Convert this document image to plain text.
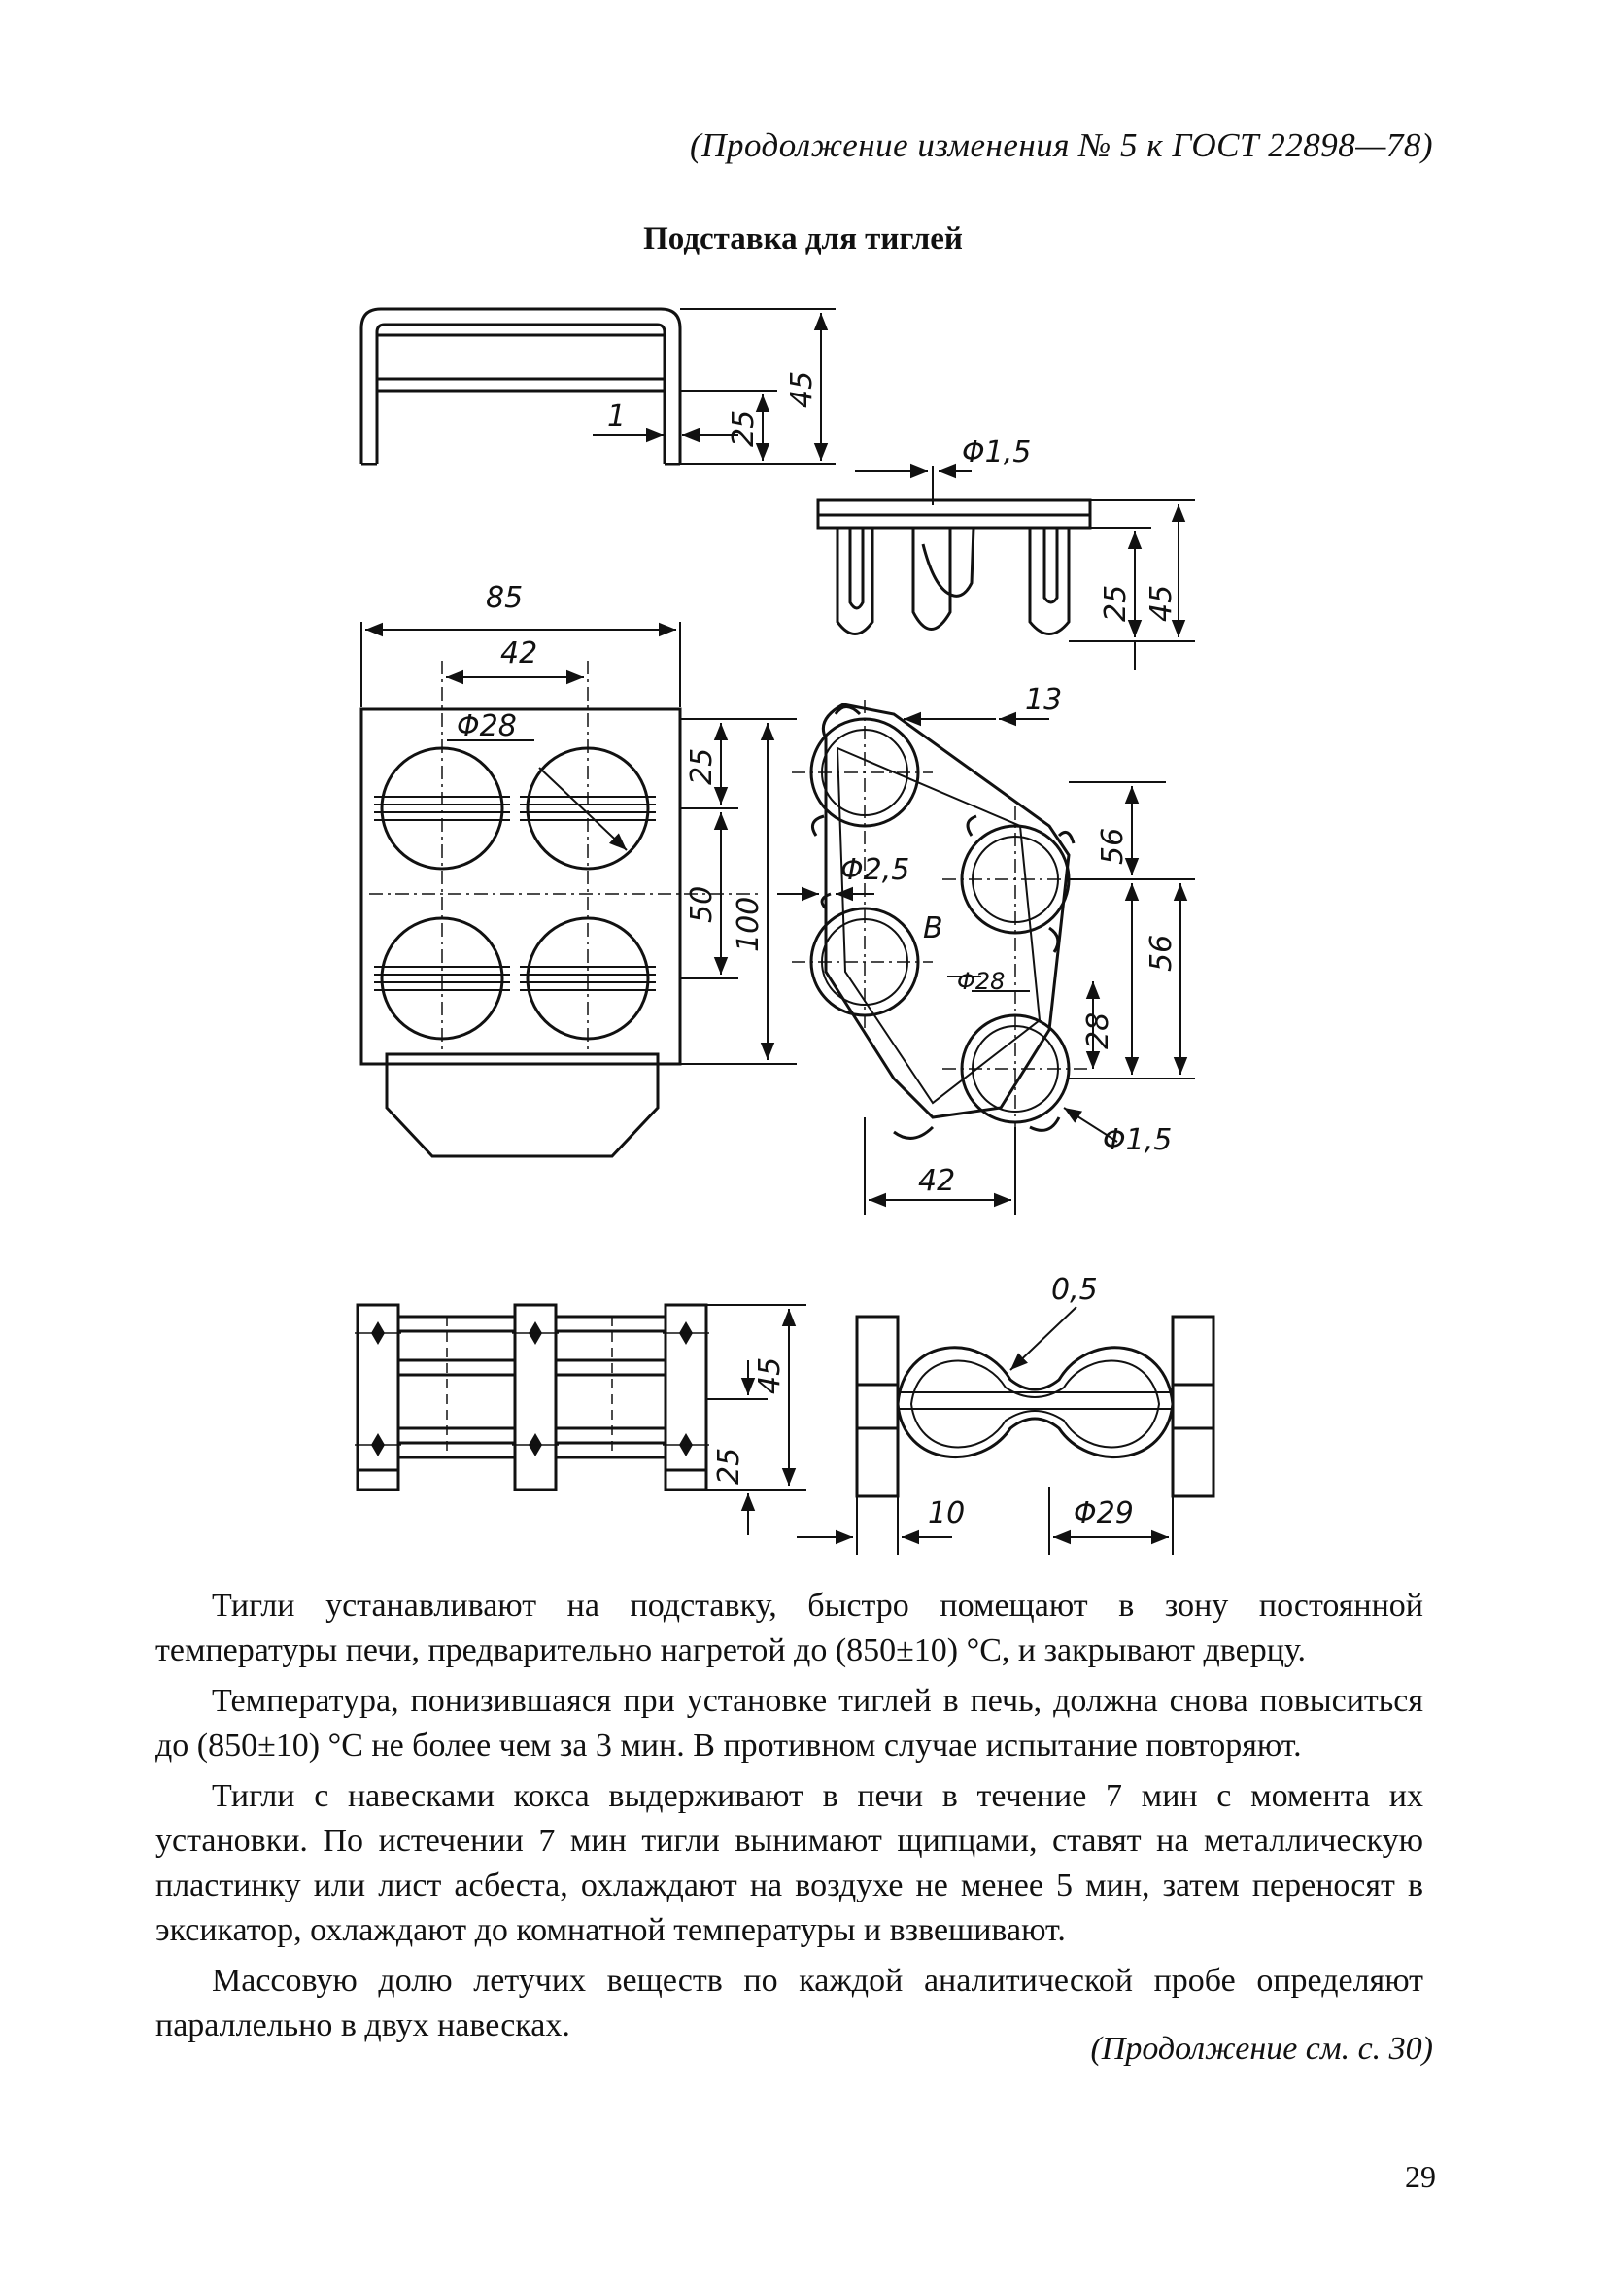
(Продолжение изменения № 5 к ГОСТ 22898—78)
Подставка для тиглей
1	25
45
Φ1,5
25 45
85
42
Φ28
25
50 100
13
56
56
Φ2,5
В
Φ28
28
Φ1,5
42
0,5
25
45
10	Φ29

Тигли устанавливают на подставку, быстро помещают в зону постоянной температуры печи, предварительно нагретой до (850±10) °С, и закрывают дверцу.

Температура, понизившаяся при установке тиглей в печь, должна снова повыситься до (850±10) °С не более чем за 3 мин. В противном случае испытание повторяют.

Тигли с навесками кокса выдерживают в печи в течение 7 мин с момента их установки. По истечении 7 мин тигли вынимают щипцами, ставят на металлическую пластинку или лист асбеста, охлаждают на воздухе не менее 5 мин, затем переносят в эксикатор, охлаждают до комнатной температуры и взвешивают.

Массовую долю летучих веществ по каждой аналитической пробе определяют параллельно в двух навесках.

(Продолжение см. с. 30)
29
